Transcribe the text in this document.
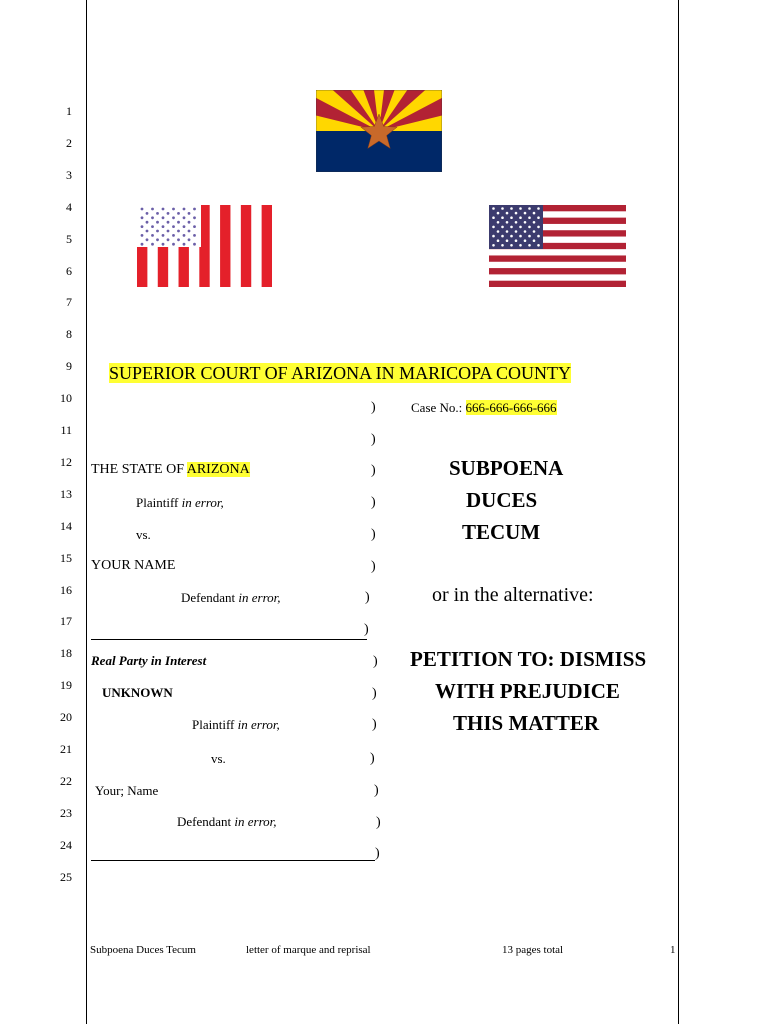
1
2
3
4
5
6
7
8
9
10
11
12
13
14
15
16
17
18
19
20
21
22
23
24
25
SUPERIOR COURT OF ARIZONA IN MARICOPA COUNTY
Case No.: 666-666-666-666
THE STATE OF ARIZONA
Plaintiff in error,
vs.
YOUR NAME
Defendant in error,
Real Party in Interest
UNKNOWN
Plaintiff in error,
vs.
Your; Name
Defendant in error,
)
)
)
)
)
)
)
)
)
)
)
)
)
)
)
SUBPOENA
DUCES
TECUM
or in the alternative:
PETITION TO: DISMISS
WITH PREJUDICE
THIS MATTER
Subpoena Duces Tecum	letter of marque and reprisal	13 pages total	1
